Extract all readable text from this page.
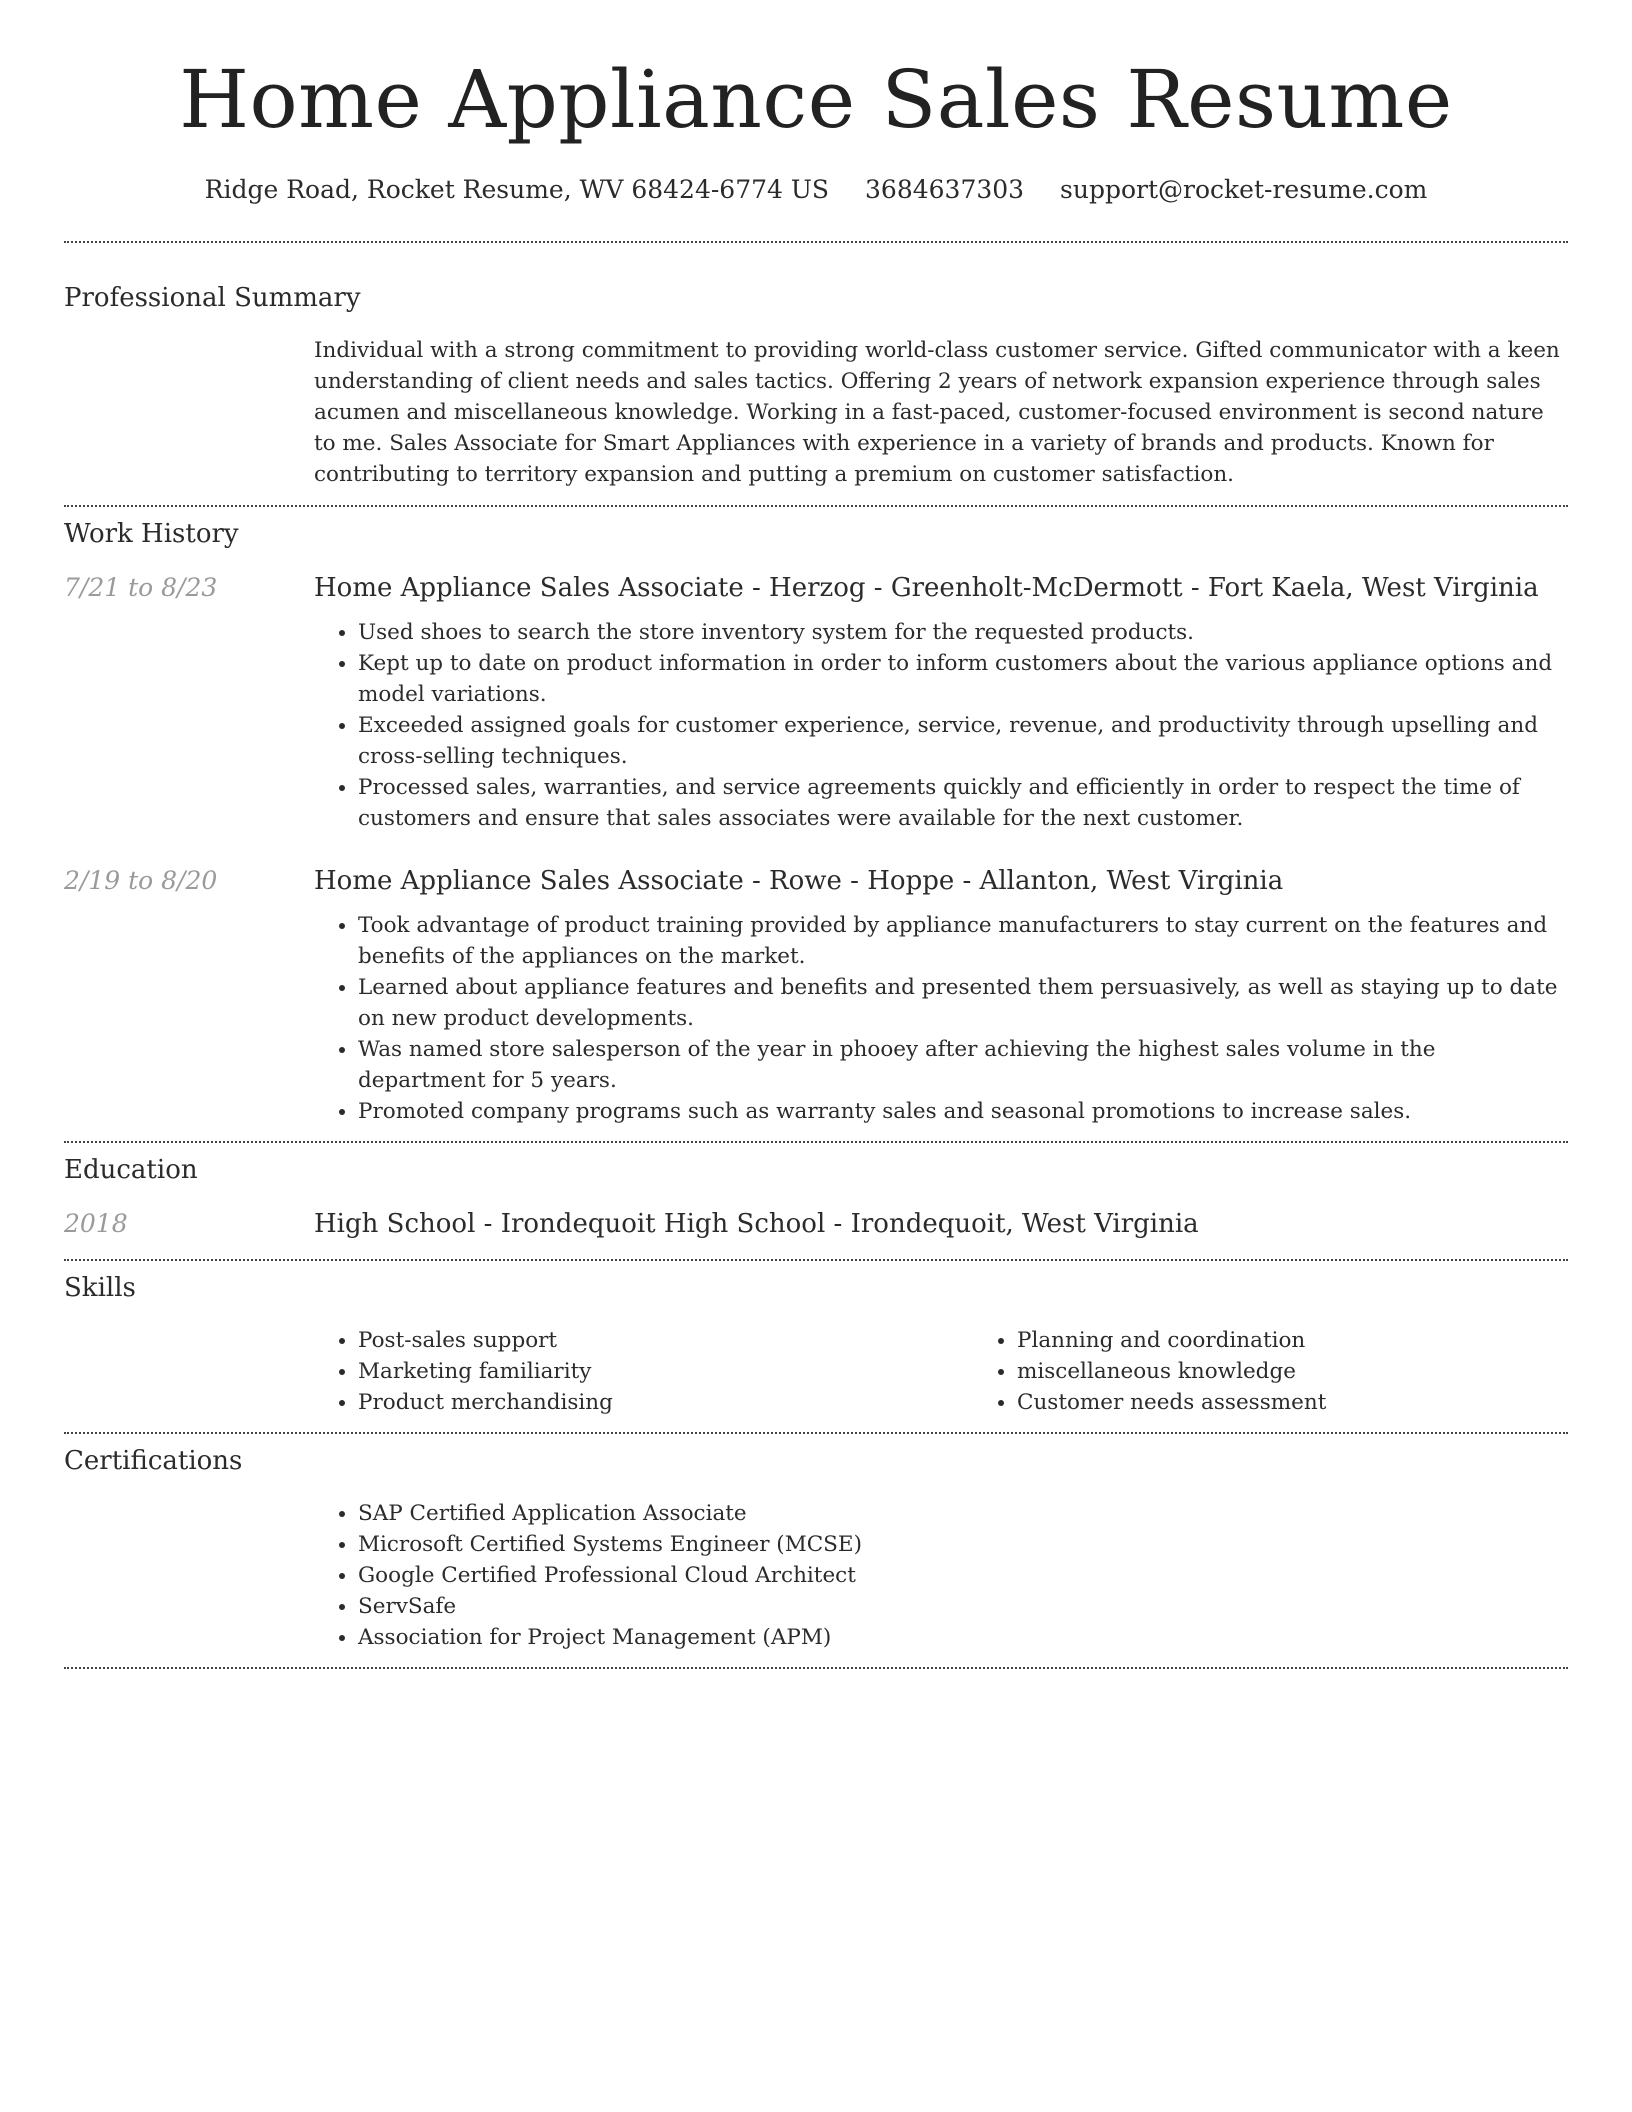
Home Appliance Sales Resume
Ridge Road, Rocket Resume, WV 68424-6774 US 3684637303 support@rocket-resume.com
Professional Summary

Individual with a strong commitment to providing world-class customer service. Gifted communicator with a keen understanding of client needs and sales tactics. Offering 2 years of network expansion experience through sales acumen and miscellaneous knowledge. Working in a fast-paced, customer-focused environment is second nature to me. Sales Associate for Smart Appliances with experience in a variety of brands and products. Known for contributing to territory expansion and putting a premium on customer satisfaction.

Work History
7/21 to 8/23	Home Appliance Sales Associate - Herzog - Greenholt-McDermott - Fort Kaela, West Virginia
• Used shoes to search the store inventory system for the requested products.
• Kept up to date on product information in order to inform customers about the various appliance options and model variations.
• Exceeded assigned goals for customer experience, service, revenue, and productivity through upselling and cross-selling techniques.
• Processed sales, warranties, and service agreements quickly and efficiently in order to respect the time of customers and ensure that sales associates were available for the next customer.
2/19 to 8/20	Home Appliance Sales Associate - Rowe - Hoppe - Allanton, West Virginia
• Took advantage of product training provided by appliance manufacturers to stay current on the features and benefits of the appliances on the market.
• Learned about appliance features and benefits and presented them persuasively, as well as staying up to date on new product developments.
• Was named store salesperson of the year in phooey after achieving the highest sales volume in the department for 5 years.
• Promoted company programs such as warranty sales and seasonal promotions to increase sales.
Education
2018	High School - Irondequoit High School - Irondequoit, West Virginia
Skills
• Post-sales support
• Marketing familiarity
• Product merchandising
• Planning and coordination
• miscellaneous knowledge
• Customer needs assessment
Certifications
• SAP Certified Application Associate
• Microsoft Certified Systems Engineer (MCSE)
• Google Certified Professional Cloud Architect
• ServSafe
• Association for Project Management (APM)
